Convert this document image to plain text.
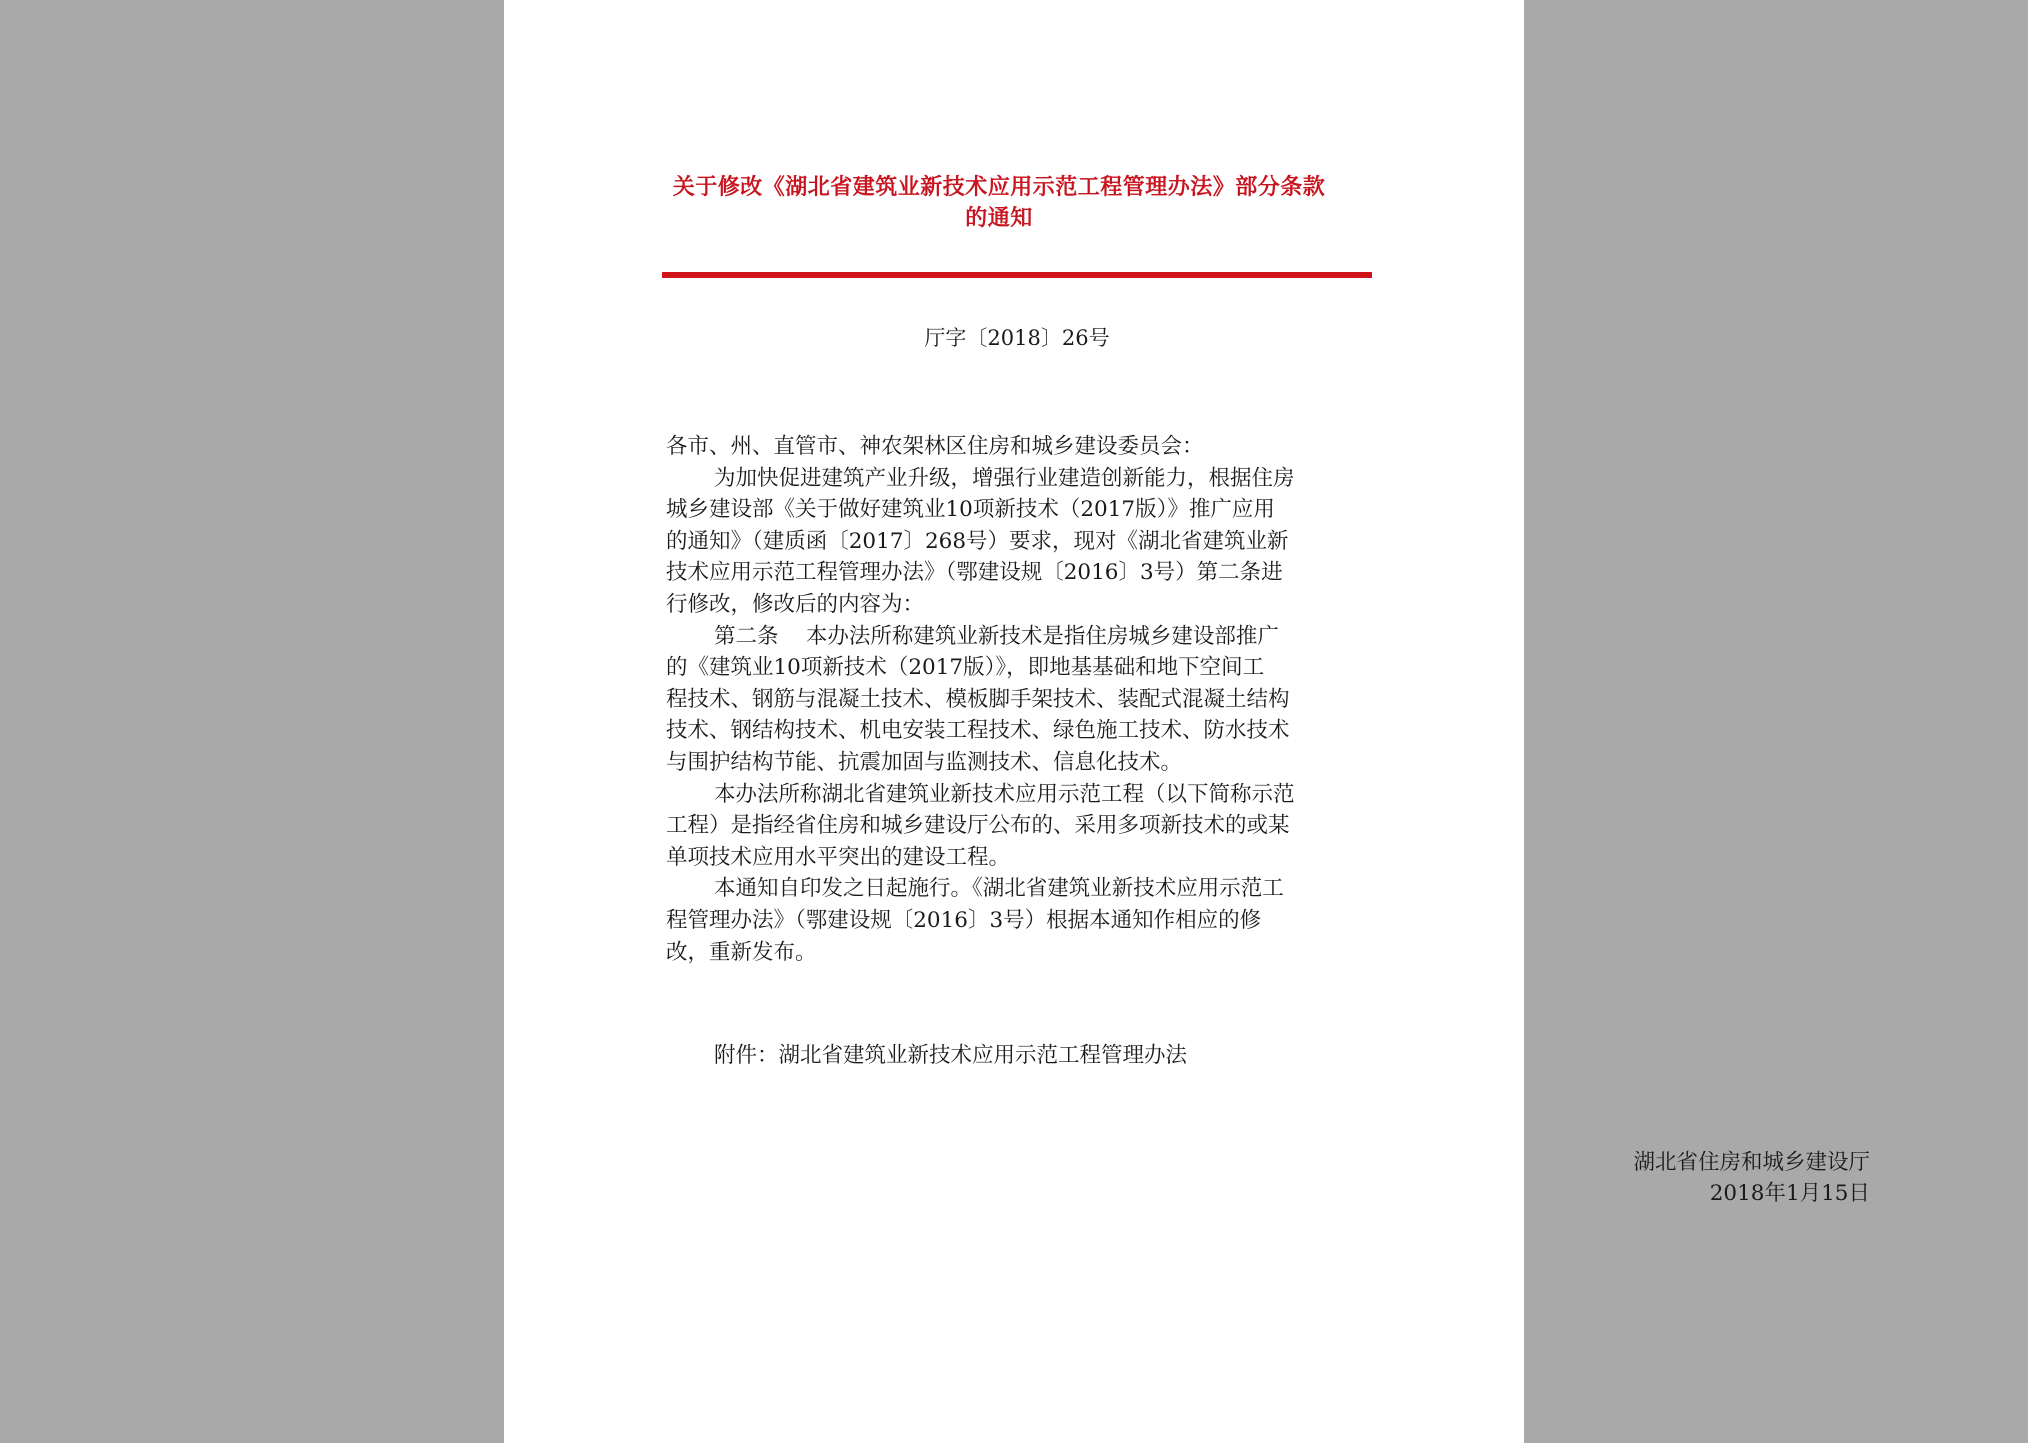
关于修改《湖北省建筑业新技术应用示范工程管理办法》部分条款
的通知
厅字〔2018〕26号
各市、州、直管市、神农架林区住房和城乡建设委员会：
为加快促进建筑产业升级，增强行业建造创新能力，根据住房
城乡建设部《关于做好建筑业10项新技术（2017版）》推广应用
的通知》（建质函〔2017〕268号）要求，现对《湖北省建筑业新
技术应用示范工程管理办法》（鄂建设规〔2016〕3号）第二条进
行修改，修改后的内容为：
第二条    本办法所称建筑业新技术是指住房城乡建设部推广
的《建筑业10项新技术（2017版）》，即地基基础和地下空间工
程技术、钢筋与混凝土技术、模板脚手架技术、装配式混凝土结构
技术、钢结构技术、机电安装工程技术、绿色施工技术、防水技术
与围护结构节能、抗震加固与监测技术、信息化技术。
本办法所称湖北省建筑业新技术应用示范工程（以下简称示范
工程）是指经省住房和城乡建设厅公布的、采用多项新技术的或某
单项技术应用水平突出的建设工程。
本通知自印发之日起施行。《湖北省建筑业新技术应用示范工
程管理办法》（鄂建设规〔2016〕3号）根据本通知作相应的修
改，重新发布。
附件：湖北省建筑业新技术应用示范工程管理办法
湖北省住房和城乡建设厅
2018年1月15日
